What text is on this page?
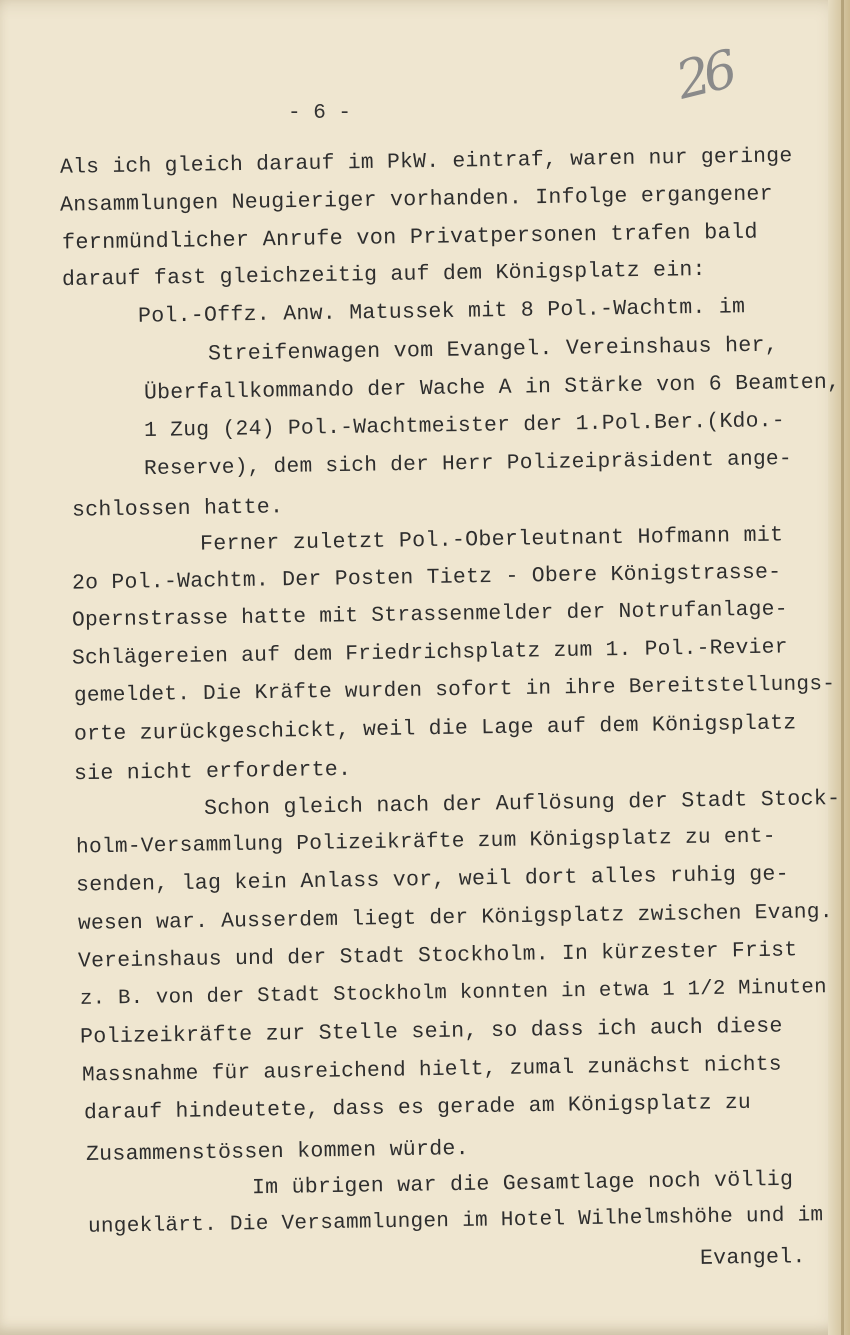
26
- 6 -
Als ich gleich darauf im PkW. eintraf, waren nur geringe
Ansammlungen Neugieriger vorhanden. Infolge ergangener
fernmündlicher Anrufe von Privatpersonen trafen bald
darauf fast gleichzeitig auf dem Königsplatz ein:
Pol.-Offz. Anw. Matussek mit 8 Pol.-Wachtm. im
Streifenwagen vom Evangel. Vereinshaus her,
Überfallkommando der Wache A in Stärke von 6 Beamten,
1 Zug (24) Pol.-Wachtmeister der 1.Pol.Ber.(Kdo.-
Reserve), dem sich der Herr Polizeipräsident ange-
schlossen hatte.
Ferner zuletzt Pol.-Oberleutnant Hofmann mit
2o Pol.-Wachtm. Der Posten Tietz - Obere Königstrasse-
Opernstrasse hatte mit Strassenmelder der Notrufanlage-
Schlägereien auf dem Friedrichsplatz zum 1. Pol.-Revier
gemeldet. Die Kräfte wurden sofort in ihre Bereitstellungs-
orte zurückgeschickt, weil die Lage auf dem Königsplatz
sie nicht erforderte.
Schon gleich nach der Auflösung der Stadt Stock-
holm-Versammlung Polizeikräfte zum Königsplatz zu ent-
senden, lag kein Anlass vor, weil dort alles ruhig ge-
wesen war. Ausserdem liegt der Königsplatz zwischen Evang.
Vereinshaus und der Stadt Stockholm. In kürzester Frist
z. B. von der Stadt Stockholm konnten in etwa 1 1/2 Minuten
Polizeikräfte zur Stelle sein, so dass ich auch diese
Massnahme für ausreichend hielt, zumal zunächst nichts
darauf hindeutete, dass es gerade am Königsplatz zu
Zusammenstössen kommen würde.
Im übrigen war die Gesamtlage noch völlig
ungeklärt. Die Versammlungen im Hotel Wilhelmshöhe und im
Evangel.
